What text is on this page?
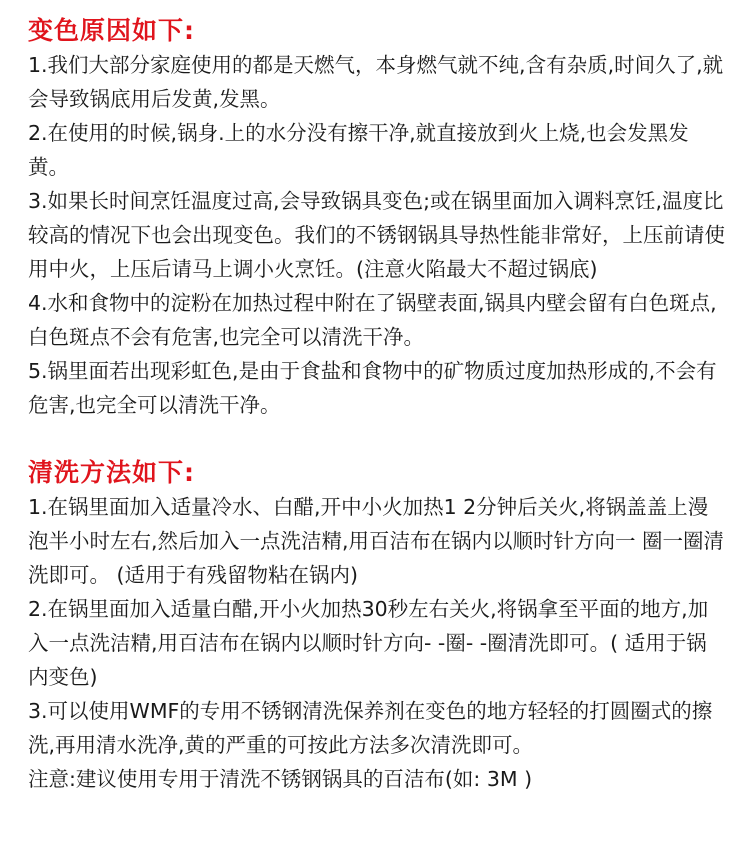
变色原因如下:

1.我们大部分家庭使用的都是天燃气，本身燃气就不纯,含有杂质,时间久了,就会导致锅底用后发黄,发黑。

2.在使用的时候,锅身.上的水分没有擦干净,就直接放到火上烧,也会发黑发黄。

3.如果长时间烹饪温度过高,会导致锅具变色;或在锅里面加入调料烹饪,温度比较高的情况下也会出现变色。我们的不锈钢锅具导热性能非常好，上压前请使用中火，上压后请马上调小火烹饪。(注意火陷最大不超过锅底)

4.水和食物中的淀粉在加热过程中附在了锅壁表面,锅具内壁会留有白色斑点,白色斑点不会有危害,也完全可以清洗干净。

5.锅里面若出现彩虹色,是由于食盐和食物中的矿物质过度加热形成的,不会有危害,也完全可以清洗干净。

清洗方法如下:

1.在锅里面加入适量冷水、白醋,开中小火加热1 2分钟后关火,将锅盖盖上漫泡半小时左右,然后加入一点洗洁精,用百洁布在锅内以顺时针方向一 圈一圈清洗即可。 (适用于有残留物粘在锅内)

2.在锅里面加入适量白醋,开小火加热30秒左右关火,将锅拿至平面的地方,加入一点洗洁精,用百洁布在锅内以顺时针方向- -圈- -圈清洗即可。( 适用于锅内变色)

3.可以使用WMF的专用不锈钢清洗保养剂在变色的地方轻轻的打圆圈式的擦洗,再用清水洗净,黄的严重的可按此方法多次清洗即可。

注意:建议使用专用于清洗不锈钢锅具的百洁布(如: 3M )
